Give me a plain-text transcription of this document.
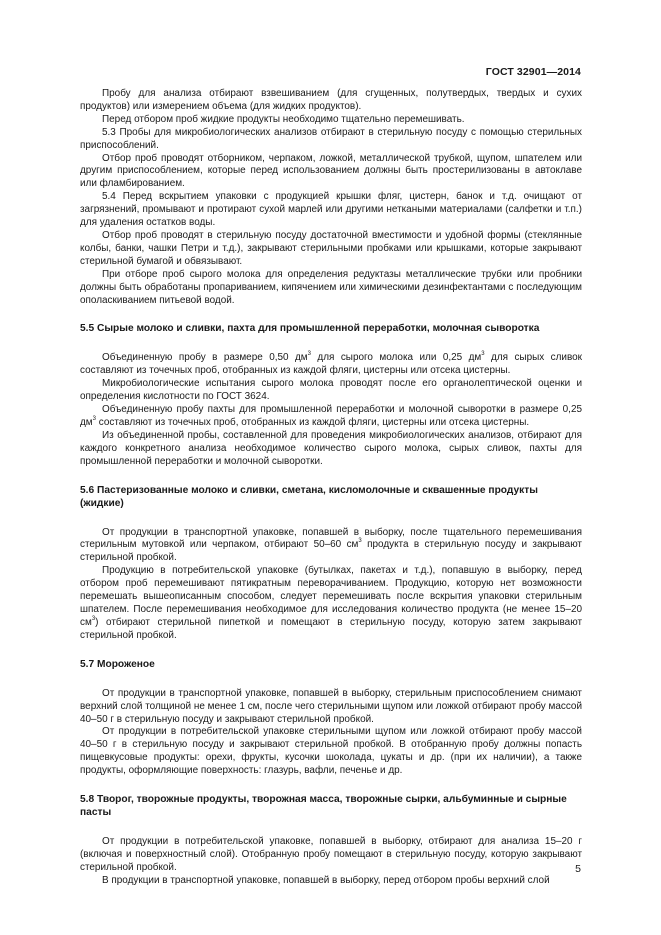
ГОСТ 32901—2014

Пробу для анализа отбирают взвешиванием (для сгущенных, полутвердых, твердых и сухих продуктов) или измерением объема (для жидких продуктов).

Перед отбором проб жидкие продукты необходимо тщательно перемешивать.

5.3 Пробы для микробиологических анализов отбирают в стерильную посуду с помощью стерильных приспособлений.

Отбор проб проводят отборником, черпаком, ложкой, металлической трубкой, щупом, шпателем или другим приспособлением, которые перед использованием должны быть простерилизованы в автоклаве или фламбированием.

5.4 Перед вскрытием упаковки с продукцией крышки фляг, цистерн, банок и т.д. очищают от загрязнений, промывают и протирают сухой марлей или другими неткаными материалами (салфетки и т.п.) для удаления остатков воды.

Отбор проб проводят в стерильную посуду достаточной вместимости и удобной формы (стеклянные колбы, банки, чашки Петри и т.д.), закрывают стерильными пробками или крышками, которые закрывают стерильной бумагой и обвязывают.

При отборе проб сырого молока для определения редуктазы металлические трубки или пробники должны быть обработаны пропариванием, кипячением или химическими дезинфектантами с последующим ополаскиванием питьевой водой.

5.5 Сырые молоко и сливки, пахта для промышленной переработки, молочная сыворотка

Объединенную пробу в размере 0,50 $дм^3$ для сырого молока или 0,25 $дм^3$ для сырых сливок составляют из точечных проб, отобранных из каждой фляги, цистерны или отсека цистерны.

Микробиологические испытания сырого молока проводят после его органолептической оценки и определения кислотности по ГОСТ 3624.

Объединенную пробу пахты для промышленной переработки и молочной сыворотки в размере 0,25 $дм^3$ составляют из точечных проб, отобранных из каждой фляги, цистерны или отсека цистерны.

Из объединенной пробы, составленной для проведения микробиологических анализов, отбирают для каждого конкретного анализа необходимое количество сырого молока, сырых сливок, пахты для промышленной переработки и молочной сыворотки.

5.6 Пастеризованные молоко и сливки, сметана, кисломолочные и сквашенные продукты (жидкие)

От продукции в транспортной упаковке, попавшей в выборку, после тщательного перемешивания стерильным мутовкой или черпаком, отбирают 50–60 $см^3$ продукта в стерильную посуду и закрывают стерильной пробкой.

Продукцию в потребительской упаковке (бутылках, пакетах и т.д.), попавшую в выборку, перед отбором проб перемешивают пятикратным переворачиванием. Продукцию, которую нет возможности перемешать вышеописанным способом, следует перемешивать после вскрытия упаковки стерильным шпателем. После перемешивания необходимое для исследования количество продукта (не менее 15–20 $см^3$) отбирают стерильной пипеткой и помещают в стерильную посуду, которую затем закрывают стерильной пробкой.

5.7 Мороженое

От продукции в транспортной упаковке, попавшей в выборку, стерильным приспособлением снимают верхний слой толщиной не менее 1 см, после чего стерильными щупом или ложкой отбирают пробу массой 40–50 г в стерильную посуду и закрывают стерильной пробкой.

От продукции в потребительской упаковке стерильными щупом или ложкой отбирают пробу массой 40–50 г в стерильную посуду и закрывают стерильной пробкой. В отобранную пробу должны попасть пищевкусовые продукты: орехи, фрукты, кусочки шоколада, цукаты и др. (при их наличии), а также продукты, оформляющие поверхность: глазурь, вафли, печенье и др.

5.8 Творог, творожные продукты, творожная масса, творожные сырки, альбуминные и сырные пасты

От продукции в потребительской упаковке, попавшей в выборку, отбирают для анализа 15–20 г (включая и поверхностный слой). Отобранную пробу помещают в стерильную посуду, которую закрывают стерильной пробкой.

В продукции в транспортной упаковке, попавшей в выборку, перед отбором пробы верхний слой

5
